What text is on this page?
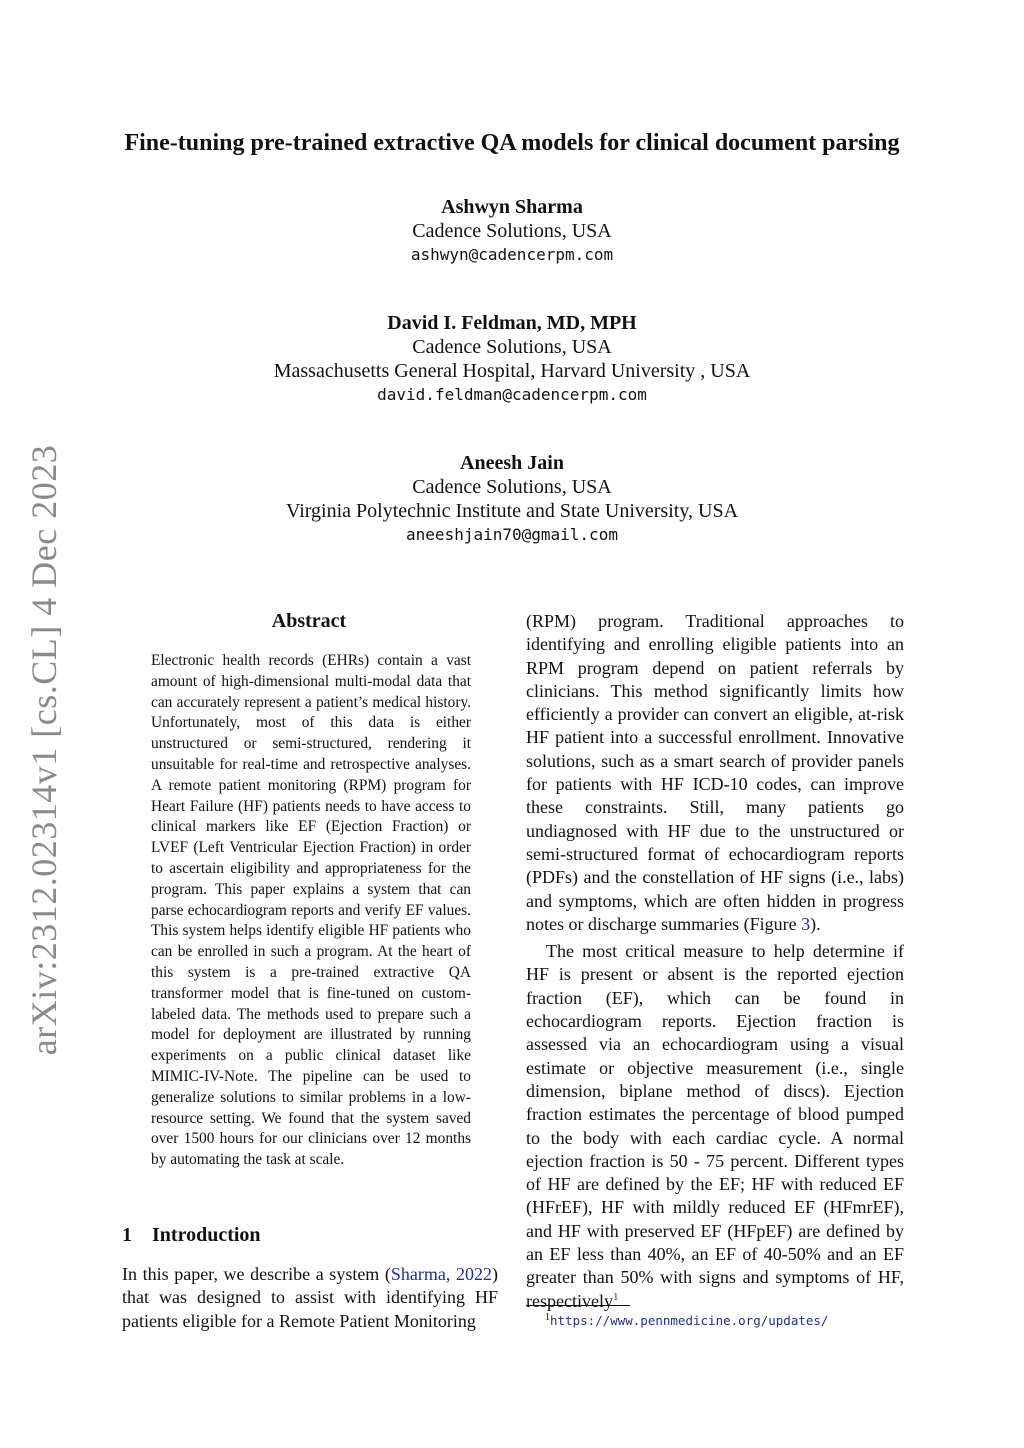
arXiv:2312.02314v1 [cs.CL] 4 Dec 2023
Fine-tuning pre-trained extractive QA models for clinical document parsing
Ashwyn Sharma
Cadence Solutions, USA
ashwyn@cadencerpm.com
David I. Feldman, MD, MPH
Cadence Solutions, USA
Massachusetts General Hospital, Harvard University , USA
david.feldman@cadencerpm.com
Aneesh Jain
Cadence Solutions, USA
Virginia Polytechnic Institute and State University, USA
aneeshjain70@gmail.com
Abstract
Electronic health records (EHRs) contain a vast amount of high-dimensional multi-modal data that can accurately represent a patient’s medical history. Unfortunately, most of this data is either unstructured or semi-structured, rendering it unsuitable for real-time and retrospective analyses. A remote patient monitoring (RPM) program for Heart Failure (HF) patients needs to have access to clinical markers like EF (Ejection Fraction) or LVEF (Left Ventricular Ejection Fraction) in order to ascertain eligibility and appropriateness for the program. This paper explains a system that can parse echocardiogram reports and verify EF values. This system helps identify eligible HF patients who can be enrolled in such a program. At the heart of this system is a pre-trained extractive QA transformer model that is fine-tuned on custom-labeled data. The methods used to prepare such a model for deployment are illustrated by running experiments on a public clinical dataset like MIMIC-IV-Note. The pipeline can be used to generalize solutions to similar problems in a low-resource setting. We found that the system saved over 1500 hours for our clinicians over 12 months by automating the task at scale.
1 Introduction
In this paper, we describe a system (Sharma, 2022) that was designed to assist with identifying HF patients eligible for a Remote Patient Monitoring

(RPM) program. Traditional approaches to identifying and enrolling eligible patients into an RPM program depend on patient referrals by clinicians. This method significantly limits how efficiently a provider can convert an eligible, at-risk HF patient into a successful enrollment. Innovative solutions, such as a smart search of provider panels for patients with HF ICD-10 codes, can improve these constraints. Still, many patients go undiagnosed with HF due to the unstructured or semi-structured format of echocardiogram reports (PDFs) and the constellation of HF signs (i.e., labs) and symptoms, which are often hidden in progress notes or discharge summaries (Figure 3).

The most critical measure to help determine if HF is present or absent is the reported ejection fraction (EF), which can be found in echocardiogram reports. Ejection fraction is assessed via an echocardiogram using a visual estimate or objective measurement (i.e., single dimension, biplane method of discs). Ejection fraction estimates the percentage of blood pumped to the body with each cardiac cycle. A normal ejection fraction is 50 - 75 percent. Different types of HF are defined by the EF; HF with reduced EF (HFrEF), HF with mildly reduced EF (HFmrEF), and HF with preserved EF (HFpEF) are defined by an EF less than 40%, an EF of 40-50% and an EF greater than 50% with signs and symptoms of HF, respectively$^1$

$^1$https://www.pennmedicine.org/updates/
